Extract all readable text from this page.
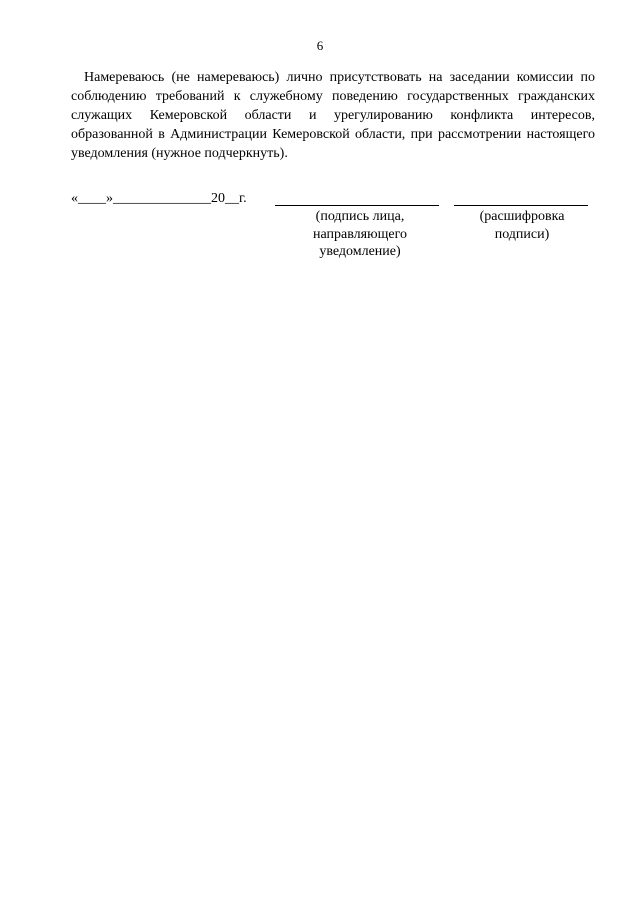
6

Намереваюсь (не намереваюсь) лично присутствовать на заседании комиссии по соблюдению требований к служебному поведению государственных гражданских служащих Кемеровской области и урегулированию конфликта интересов, образованной в Администрации Кемеровской области, при рассмотрении настоящего уведомления (нужное подчеркнуть).

«____»______________20__г.
(подпись лица, направляющего уведомление)
(расшифровка подписи)
